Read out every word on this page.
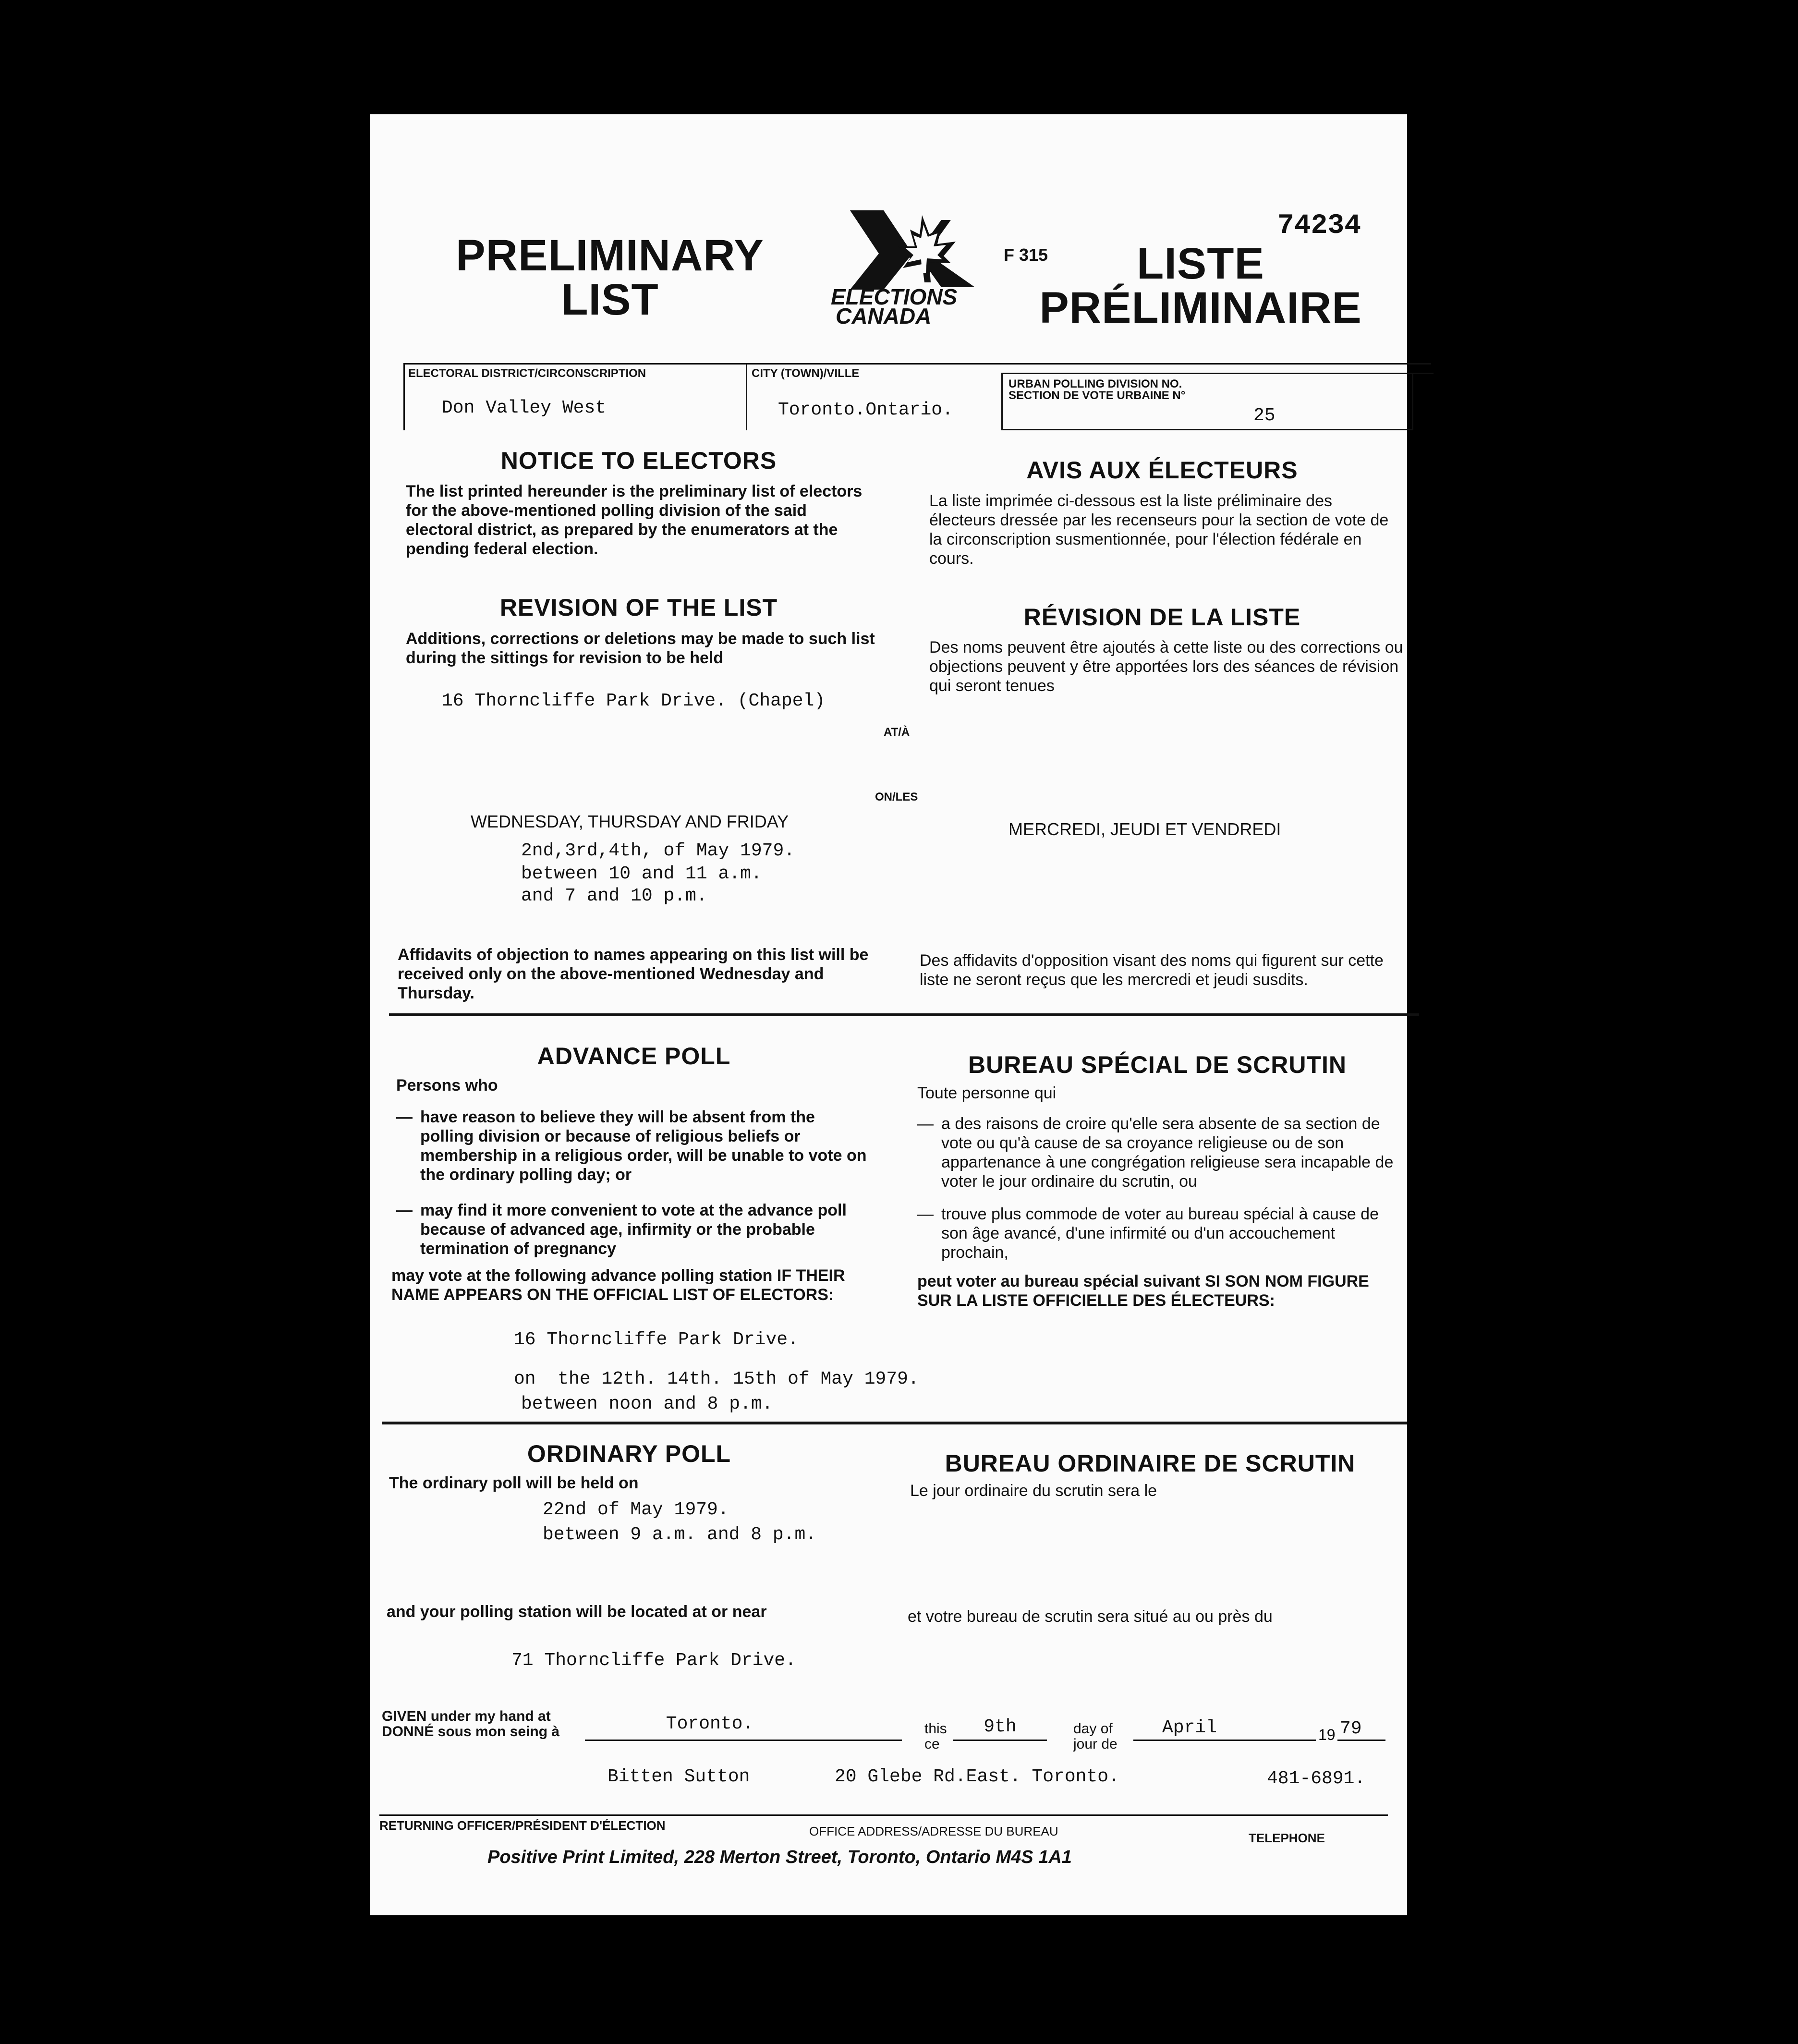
74234
PRELIMINARY
LIST	ELECTIONS
CANADA
F 315	LISTE
PRÉLIMINAIRE
ELECTORAL DISTRICT/CIRCONSCRIPTION
Don Valley West
CITY (TOWN)/VILLE
Toronto.Ontario.
URBAN POLLING DIVISION NO.
SECTION DE VOTE URBAINE N°
25
NOTICE TO ELECTORS	AVIS AUX ÉLECTEURS
The list printed hereunder is the preliminary list of electors for the above-mentioned polling division of the said electoral district, as prepared by the enumerators at the pending federal election.
La liste imprimée ci-dessous est la liste préliminaire des électeurs dressée par les recenseurs pour la section de vote de la circonscription susmentionnée, pour l'élection fédérale en cours.
REVISION OF THE LIST	RÉVISION DE LA LISTE
Additions, corrections or deletions may be made to such list during the sittings for revision to be held
Des noms peuvent être ajoutés à cette liste ou des corrections ou objections peuvent y être apportées lors des séances de révision qui seront tenues
16 Thorncliffe Park Drive. (Chapel)
AT/À
ON/LES
WEDNESDAY, THURSDAY AND FRIDAY	MERCREDI, JEUDI ET VENDREDI
2nd,3rd,4th, of May 1979.
between 10 and 11 a.m.
and 7 and 10 p.m.
Affidavits of objection to names appearing on this list will be received only on the above-mentioned Wednesday and Thursday.
Des affidavits d'opposition visant des noms qui figurent sur cette liste ne seront reçus que les mercredi et jeudi susdits.
ADVANCE POLL	BUREAU SPÉCIAL DE SCRUTIN
Persons who	Toute personne qui
— have reason to believe they will be absent from the polling division or because of religious beliefs or membership in a religious order, will be unable to vote on the ordinary polling day; or
— may find it more convenient to vote at the advance poll because of advanced age, infirmity or the probable termination of pregnancy
— a des raisons de croire qu'elle sera absente de sa section de vote ou qu'à cause de sa croyance religieuse ou de son appartenance à une congrégation religieuse sera incapable de voter le jour ordinaire du scrutin, ou
— trouve plus commode de voter au bureau spécial à cause de son âge avancé, d'une infirmité ou d'un accouchement prochain,
may vote at the following advance polling station IF THEIR NAME APPEARS ON THE OFFICIAL LIST OF ELECTORS:
peut voter au bureau spécial suivant SI SON NOM FIGURE SUR LA LISTE OFFICIELLE DES ÉLECTEURS:
16 Thorncliffe Park Drive.
on  the 12th. 14th. 15th of May 1979.
between noon and 8 p.m.
ORDINARY POLL	BUREAU ORDINAIRE DE SCRUTIN
The ordinary poll will be held on	Le jour ordinaire du scrutin sera le
22nd of May 1979.
between 9 a.m. and 8 p.m.
and your polling station will be located at or near	et votre bureau de scrutin sera situé au ou près du
71 Thorncliffe Park Drive.
GIVEN under my hand at
DONNÉ sous mon seing à	Toronto.	this
ce
9th	day of
jour de
April	19 79
Bitten Sutton	20 Glebe Rd.East. Toronto.	481-6891.
RETURNING OFFICER/PRÉSIDENT D'ÉLECTION	OFFICE ADDRESS/ADRESSE DU BUREAU	TELEPHONE
Positive Print Limited, 228 Merton Street, Toronto, Ontario M4S 1A1
